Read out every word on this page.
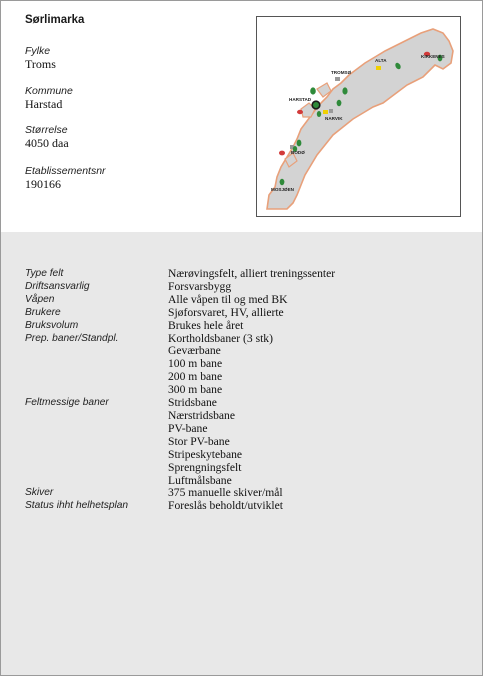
Sørlimarka
Fylke
Troms
Kommune
Harstad
Størrelse
4050 daa
Etablissementsnr
190166
ALTA
KIRKENES
TROMSØ
HARSTAD
NARVIK
BODØ
MOSJØEN
Type felt	Nærøvingsfelt, alliert treningssenter
Driftsansvarlig	Forsvarsbygg
Våpen	Alle våpen til og med BK
Brukere	Sjøforsvaret, HV, allierte
Bruksvolum	Brukes hele året
Prep. baner/Standpl.	Kortholdsbaner (3 stk)
Geværbane
100 m bane
200 m bane
300 m bane
Feltmessige baner	Stridsbane
Nærstridsbane
PV-bane
Stor PV-bane
Stripeskytebane
Sprengningsfelt
Luftmålsbane
Skiver	375 manuelle skiver/mål
Status ihht helhetsplan	Foreslås beholdt/utviklet
